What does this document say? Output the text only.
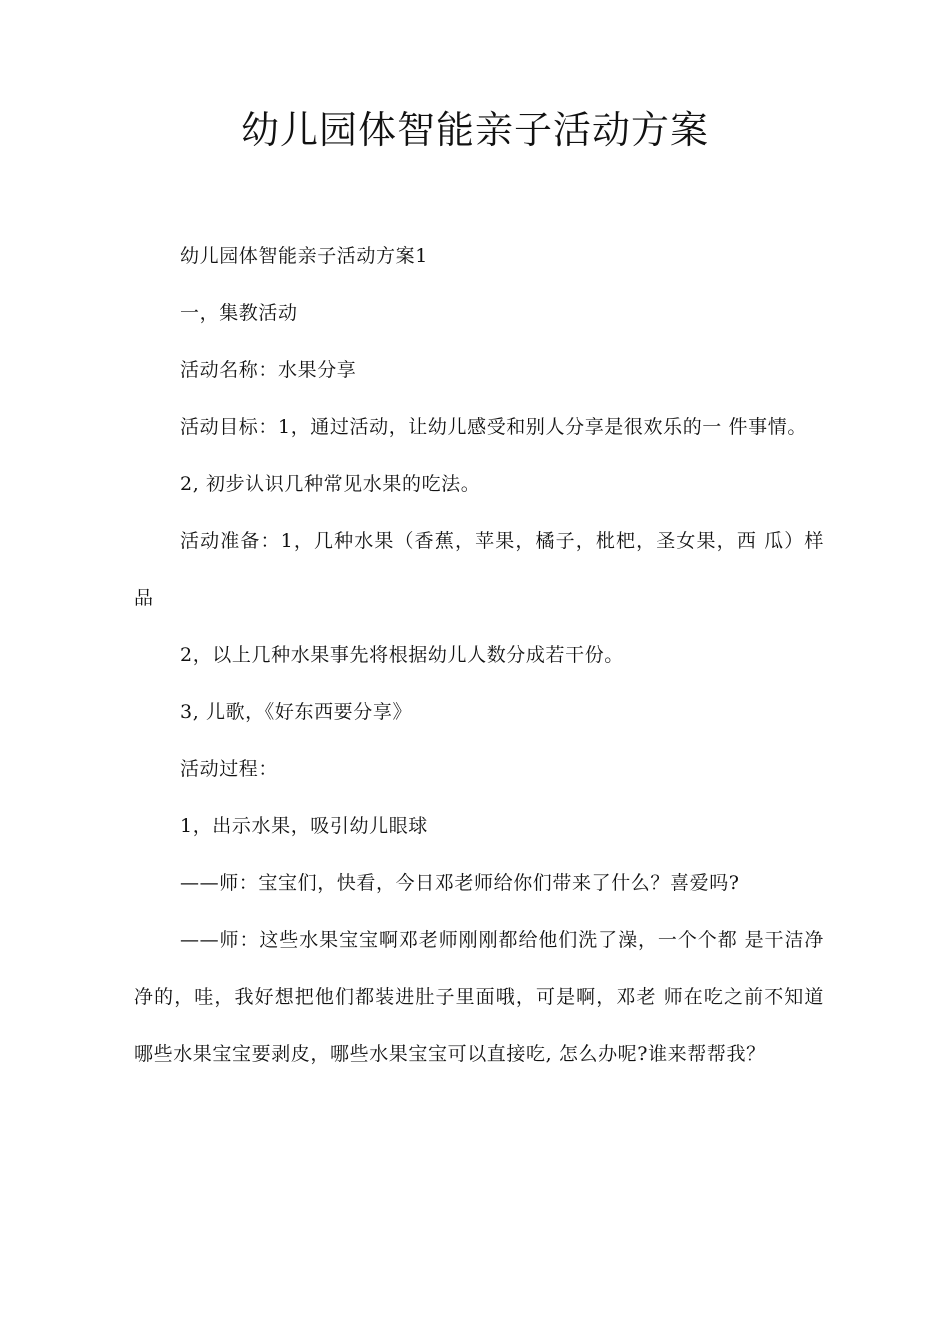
幼儿园体智能亲子活动方案

幼儿园体智能亲子活动方案1

一，集教活动

活动名称：水果分享

活动目标：1，通过活动，让幼儿感受和别人分享是很欢乐的一 件事情。

2, 初步认识几种常见水果的吃法。

活动准备：1，几种水果（香蕉，苹果，橘子，枇杷，圣女果，西 瓜）样品

2，以上几种水果事先将根据幼儿人数分成若干份。

3, 儿歌，《好东西要分享》

活动过程：

1，出示水果，吸引幼儿眼球

——师：宝宝们，快看，今日邓老师给你们带来了什么？喜爱吗?

——师：这些水果宝宝啊邓老师刚刚都给他们洗了澡，一个个都 是干洁净净的，哇，我好想把他们都装进肚子里面哦，可是啊，邓老 师在吃之前不知道哪些水果宝宝要剥皮，哪些水果宝宝可以直接吃, 怎么办呢?谁来帮帮我？
